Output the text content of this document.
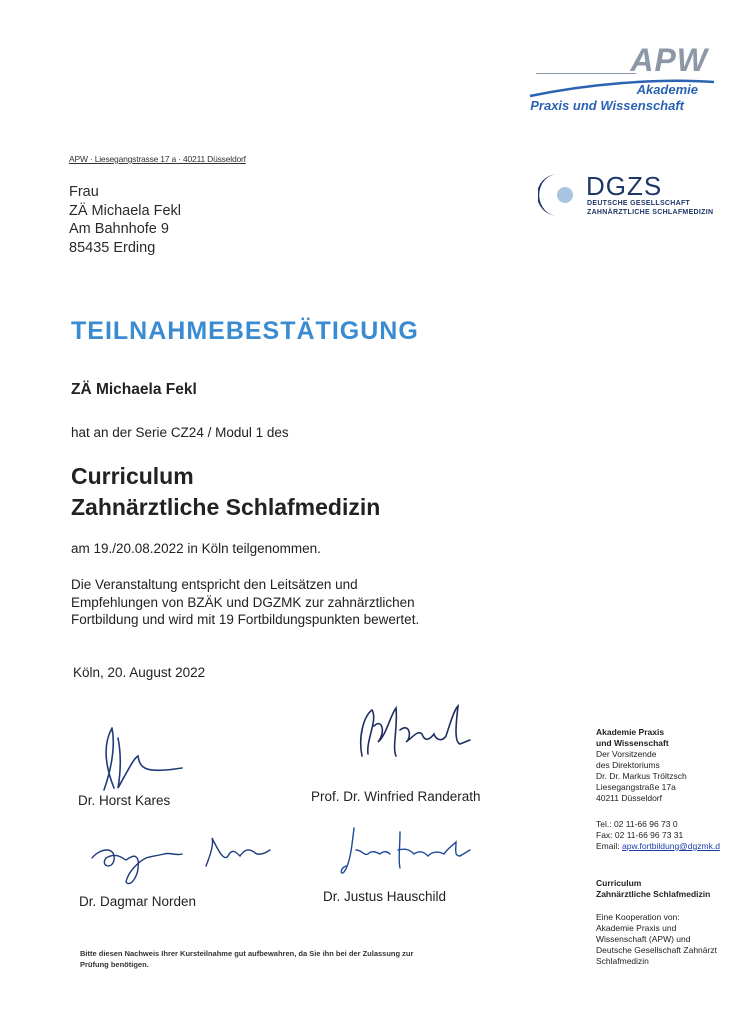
APW
Akademie
Praxis und Wissenschaft
DGZS
DEUTSCHE GESELLSCHAFT
ZAHNÄRZTLICHE SCHLAFMEDIZIN
APW · Liesegangstrasse 17 a · 40211 Düsseldorf
Frau
ZÄ Michaela Fekl
Am Bahnhofe 9
85435 Erding
TEILNAHMEBESTÄTIGUNG
ZÄ Michaela Fekl
hat an der Serie CZ24 / Modul 1 des
Curriculum
Zahnärztliche Schlafmedizin
am 19./20.08.2022 in Köln teilgenommen.
Die Veranstaltung entspricht den Leitsätzen und
Empfehlungen von BZÄK und DGZMK zur zahnärztlichen
Fortbildung und wird mit 19 Fortbildungspunkten bewertet.
Köln, 20. August 2022
Dr. Horst Kares	Prof. Dr. Winfried Randerath
Dr. Dagmar Norden	Dr. Justus Hauschild
Bitte diesen Nachweis Ihrer Kursteilnahme gut aufbewahren, da Sie ihn bei der Zulassung zur
Prüfung benötigen.
Akademie Praxis
und Wissenschaft
Der Vorsitzende
des Direktoriums
Dr. Dr. Markus Tröltzsch
Liesegangstraße 17a
40211 Düsseldorf
Tel.: 02 11-66 96 73 0
Fax: 02 11-66 96 73 31
Email: apw.fortbildung@dgzmk.d
Curriculum
Zahnärztliche Schlafmedizin
Eine Kooperation von:
Akademie Praxis und
Wissenschaft (APW) und
Deutsche Gesellschaft Zahnärzt
Schlafmedizin
